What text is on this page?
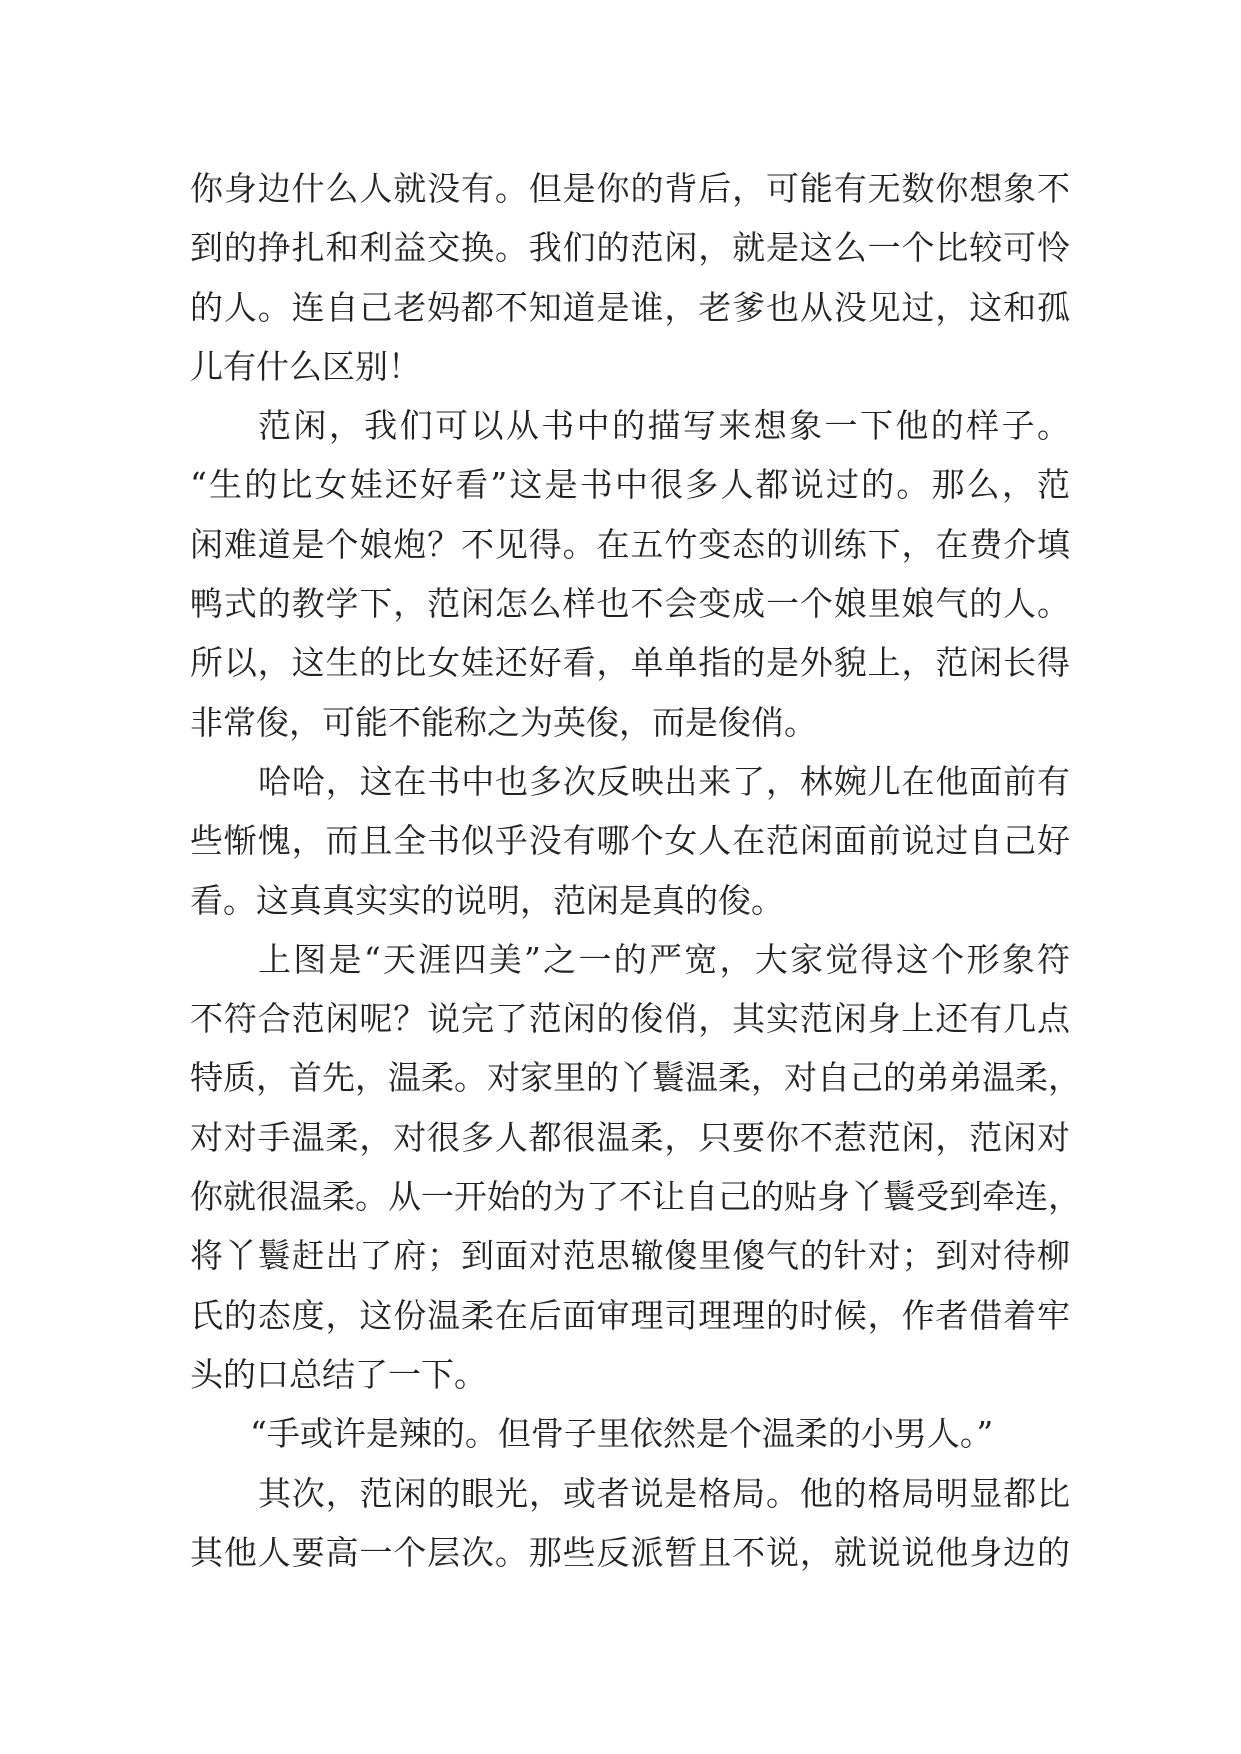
你身边什么人就没有。但是你的背后，可能有无数你想象不
到的挣扎和利益交换。我们的范闲，就是这么一个比较可怜
的人。连自己老妈都不知道是谁，老爹也从没见过，这和孤
儿有什么区别！
范闲，我们可以从书中的描写来想象一下他的样子。
“生的比女娃还好看”这是书中很多人都说过的。那么，范
闲难道是个娘炮？不见得。在五竹变态的训练下，在费介填
鸭式的教学下，范闲怎么样也不会变成一个娘里娘气的人。
所以，这生的比女娃还好看，单单指的是外貌上，范闲长得
非常俊，可能不能称之为英俊，而是俊俏。
哈哈，这在书中也多次反映出来了，林婉儿在他面前有
些惭愧，而且全书似乎没有哪个女人在范闲面前说过自己好
看。这真真实实的说明，范闲是真的俊。
上图是“天涯四美”之一的严宽，大家觉得这个形象符
不符合范闲呢？说完了范闲的俊俏，其实范闲身上还有几点
特质，首先，温柔。对家里的丫鬟温柔，对自己的弟弟温柔，
对对手温柔，对很多人都很温柔，只要你不惹范闲，范闲对
你就很温柔。从一开始的为了不让自己的贴身丫鬟受到牵连，
将丫鬟赶出了府；到面对范思辙傻里傻气的针对；到对待柳
氏的态度，这份温柔在后面审理司理理的时候，作者借着牢
头的口总结了一下。
“手或许是辣的。但骨子里依然是个温柔的小男人。”
其次，范闲的眼光，或者说是格局。他的格局明显都比
其他人要高一个层次。那些反派暂且不说，就说说他身边的
